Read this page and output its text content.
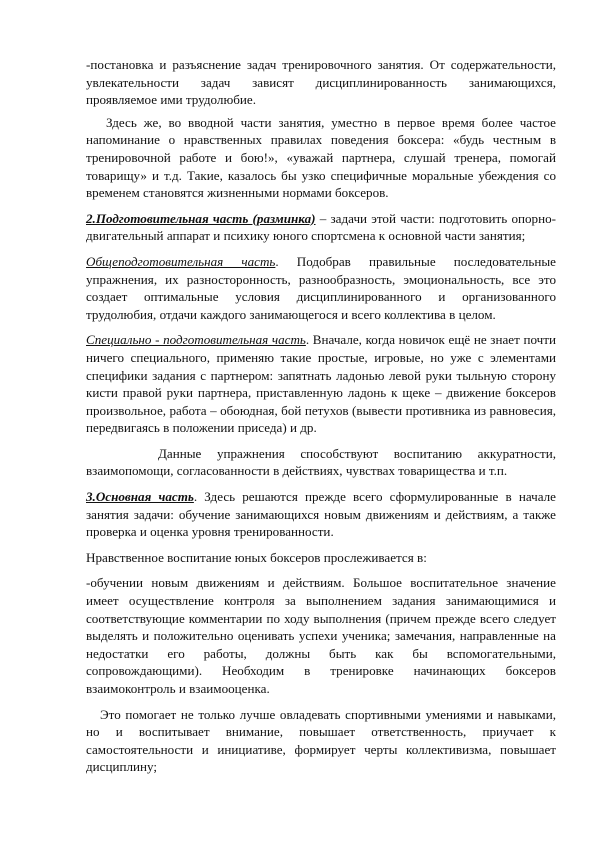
-постановка и разъяснение задач тренировочного занятия. От содержательности, увлекательности задач зависят дисциплинированность занимающихся, проявляемое ими трудолюбие.

Здесь же, во вводной части занятия, уместно в первое время более частое напоминание о нравственных правилах поведения боксера: «будь честным в тренировочной работе и бою!», «уважай партнера, слушай тренера, помогай товарищу» и т.д. Такие, казалось бы узко специфичные моральные убеждения со временем становятся жизненными нормами боксеров.

2.Подготовительная часть (разминка) – задачи этой части: подготовить опорно-двигательный аппарат и психику юного спортсмена к основной части занятия;

Общеподготовительная часть. Подобрав правильные последовательные упражнения, их разносторонность, разнообразность, эмоциональность, все это создает оптимальные условия дисциплинированного и организованного трудолюбия, отдачи каждого занимающегося и всего коллектива в целом.

Специально - подготовительная часть. Вначале, когда новичок ещё не знает почти ничего специального, применяю такие простые, игровые, но уже с элементами специфики задания с партнером: запятнать ладонью левой руки тыльную сторону кисти правой руки партнера, приставленную ладонь к щеке – движение боксеров произвольное, работа – обоюдная, бой петухов (вывести противника из равновесия, передвигаясь в положении приседа) и др.

Данные упражнения способствуют воспитанию аккуратности, взаимопомощи, согласованности в действиях, чувствах товарищества и т.п.

3.Основная часть. Здесь решаются прежде всего сформулированные в начале занятия задачи: обучение занимающихся новым движениям и действиям, а также проверка и оценка уровня тренированности.

Нравственное воспитание юных боксеров прослеживается в:

-обучении новым движениям и действиям. Большое воспитательное значение имеет осуществление контроля за выполнением задания занимающимися и соответствующие комментарии по ходу выполнения (причем прежде всего следует выделять и положительно оценивать успехи ученика; замечания, направленные на недостатки его работы, должны быть как бы вспомогательными, сопровождающими). Необходим в тренировке начинающих боксеров взаимоконтроль и взаимооценка.

Это помогает не только лучше овладевать спортивными умениями и навыками, но и воспитывает внимание, повышает ответственность, приучает к самостоятельности и инициативе, формирует черты коллективизма, повышает дисциплину;
